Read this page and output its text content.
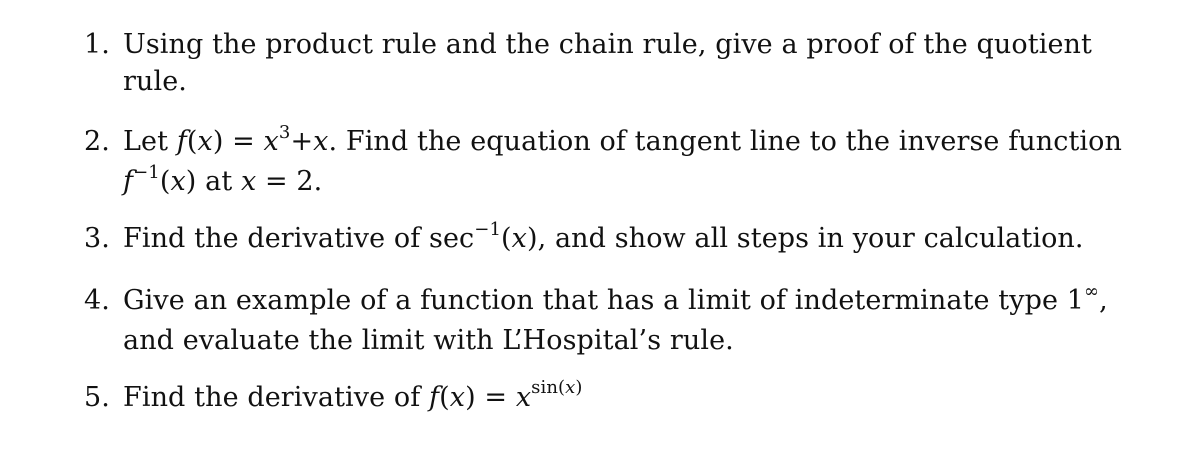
1. Using the product rule and the chain rule, give a proof of the quotient
rule.
2. Let $f(x) = x^3+x$. Find the equation of tangent line to the inverse function
$f^{-1}(x)$ at x = 2.
3. Find the derivative of $\sec^{-1}(x)$, and show all steps in your calculation.
4. Give an example of a function that has a limit of indeterminate type 1∞,
and evaluate the limit with L’Hospital’s rule.
5. Find the derivative of $f(x) = x^{sin(x)}$
